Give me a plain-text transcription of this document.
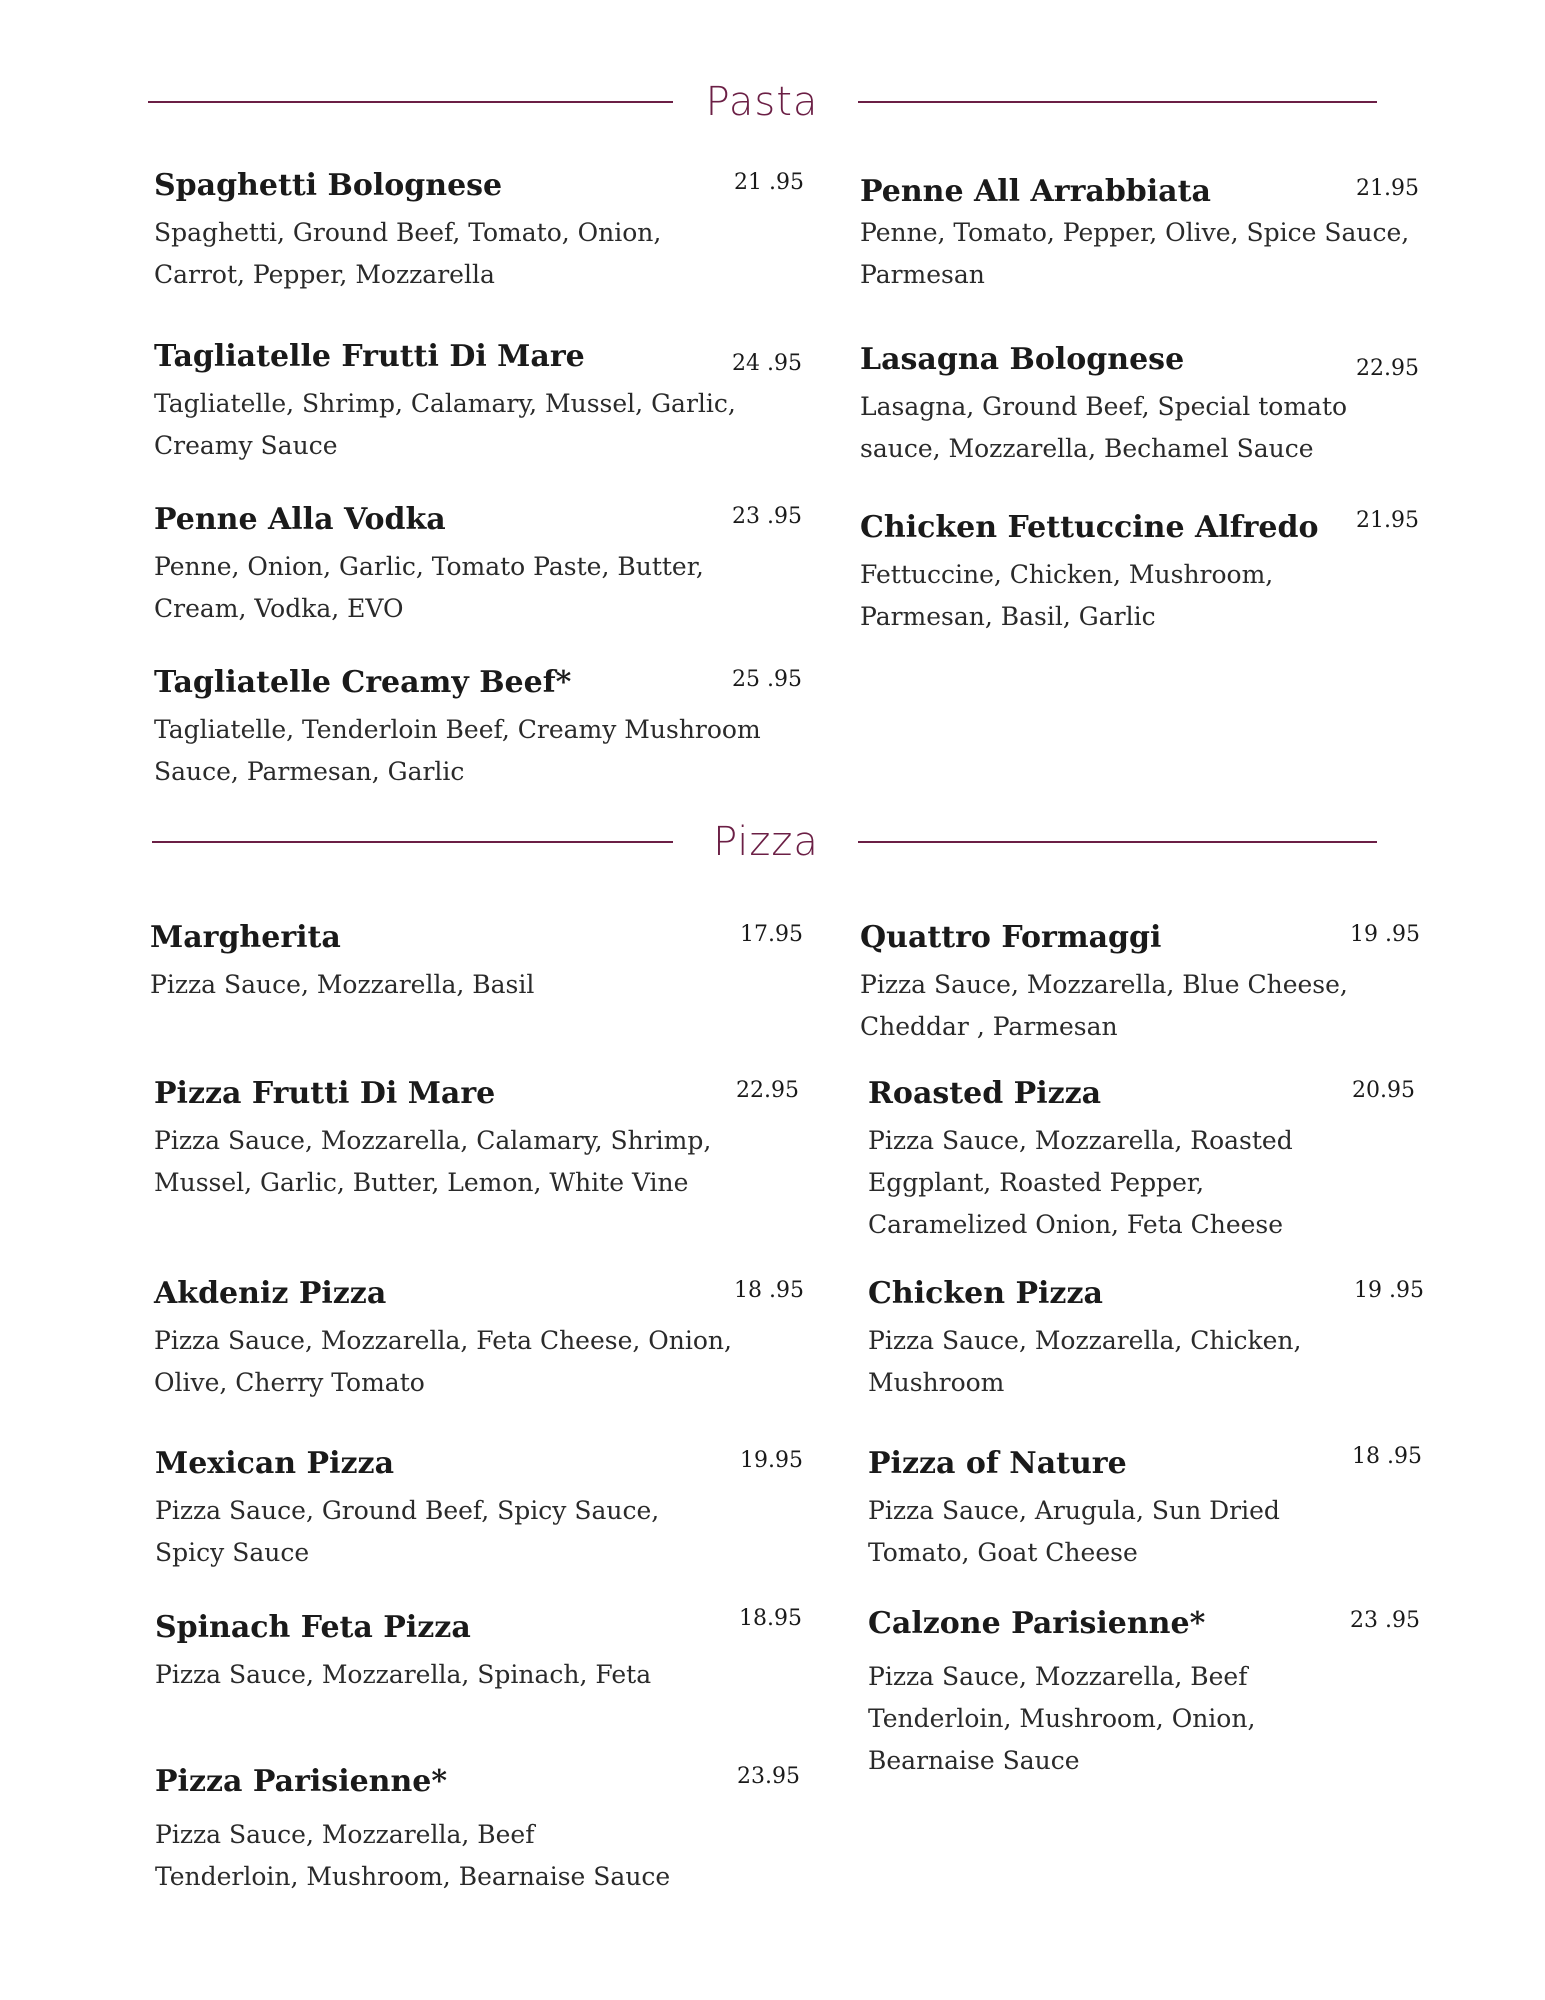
Pasta
Spaghetti Bolognese	21 .95
Spaghetti, Ground Beef, Tomato, Onion, Carrot, Pepper, Mozzarella
Penne All Arrabbiata	21.95
Penne, Tomato, Pepper, Olive, Spice Sauce, Parmesan
Tagliatelle Frutti Di Mare	24 .95
Tagliatelle, Shrimp, Calamary, Mussel, Garlic, Creamy Sauce
Lasagna Bolognese	22.95
Lasagna, Ground Beef, Special tomato sauce, Mozzarella, Bechamel Sauce
Penne Alla Vodka	23 .95
Penne, Onion, Garlic, Tomato Paste, Butter, Cream, Vodka, EVO
Chicken Fettuccine Alfredo	21.95
Fettuccine, Chicken, Mushroom, Parmesan, Basil, Garlic
Tagliatelle Creamy Beef*	25 .95
Tagliatelle, Tenderloin Beef, Creamy Mushroom Sauce, Parmesan, Garlic
Pizza
Margherita	17.95
Pizza Sauce, Mozzarella, Basil
Quattro Formaggi	19 .95
Pizza Sauce, Mozzarella, Blue Cheese, Cheddar , Parmesan
Pizza Frutti Di Mare	22.95
Pizza Sauce, Mozzarella, Calamary, Shrimp, Mussel, Garlic, Butter, Lemon, White Vine
Roasted Pizza	20.95
Pizza Sauce, Mozzarella, Roasted Eggplant, Roasted Pepper, Caramelized Onion, Feta Cheese
Akdeniz Pizza	18 .95
Pizza Sauce, Mozzarella, Feta Cheese, Onion, Olive, Cherry Tomato
Chicken Pizza	19 .95
Pizza Sauce, Mozzarella, Chicken, Mushroom
Mexican Pizza	19.95
Pizza Sauce, Ground Beef, Spicy Sauce, Spicy Sauce
Pizza of Nature	18 .95
Pizza Sauce, Arugula, Sun Dried Tomato, Goat Cheese
Spinach Feta Pizza	18.95
Pizza Sauce, Mozzarella, Spinach, Feta
Calzone Parisienne*	23 .95
Pizza Sauce, Mozzarella, Beef Tenderloin, Mushroom, Onion, Bearnaise Sauce
Pizza Parisienne*	23.95
Pizza Sauce, Mozzarella, Beef Tenderloin, Mushroom, Bearnaise Sauce
